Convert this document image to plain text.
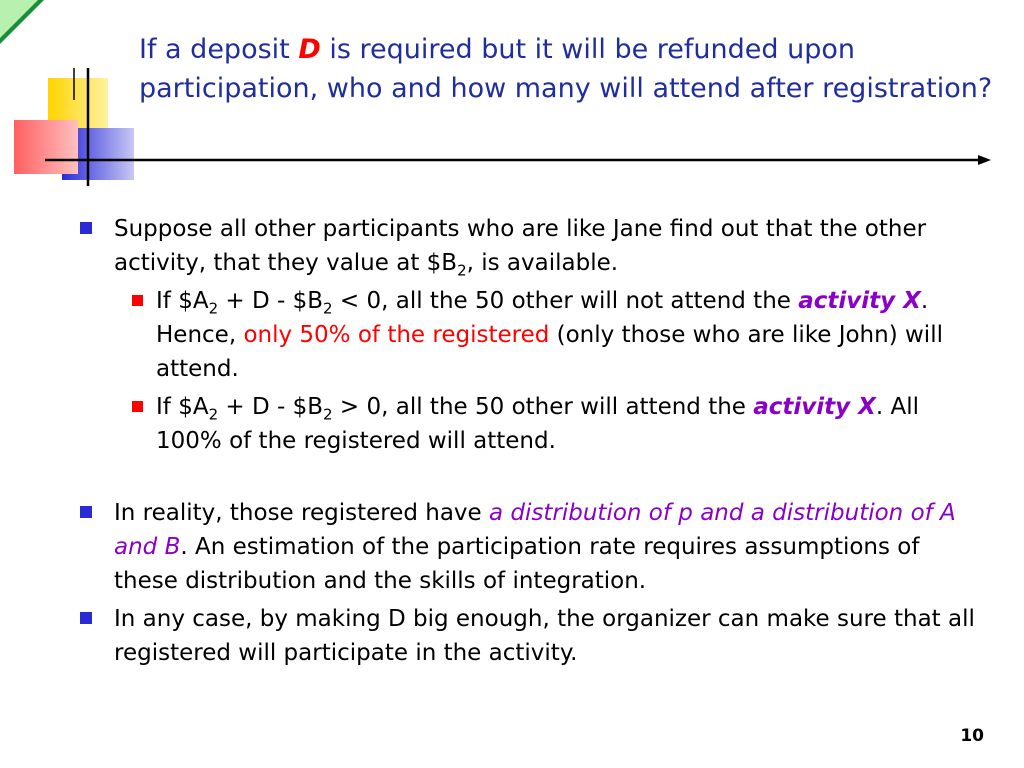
If a deposit D is required but it will be refunded upon participation, who and how many will attend after registration?
Suppose all other participants who are like Jane find out that the other activity, that they value at $\$B_2$, is available.
If $\$A_2 + D$ - $\$B_2 < 0$, all the 50 other will not attend the activity X. Hence, only 50% of the registered (only those who are like John) will attend.
If $\$A_2 + D$ - $\$B_2 > 0$, all the 50 other will attend the activity X. All 100% of the registered will attend.
In reality, those registered have a distribution of p and a distribution of A and B. An estimation of the participation rate requires assumptions of these distribution and the skills of integration.
In any case, by making D big enough, the organizer can make sure that all registered will participate in the activity.
10
